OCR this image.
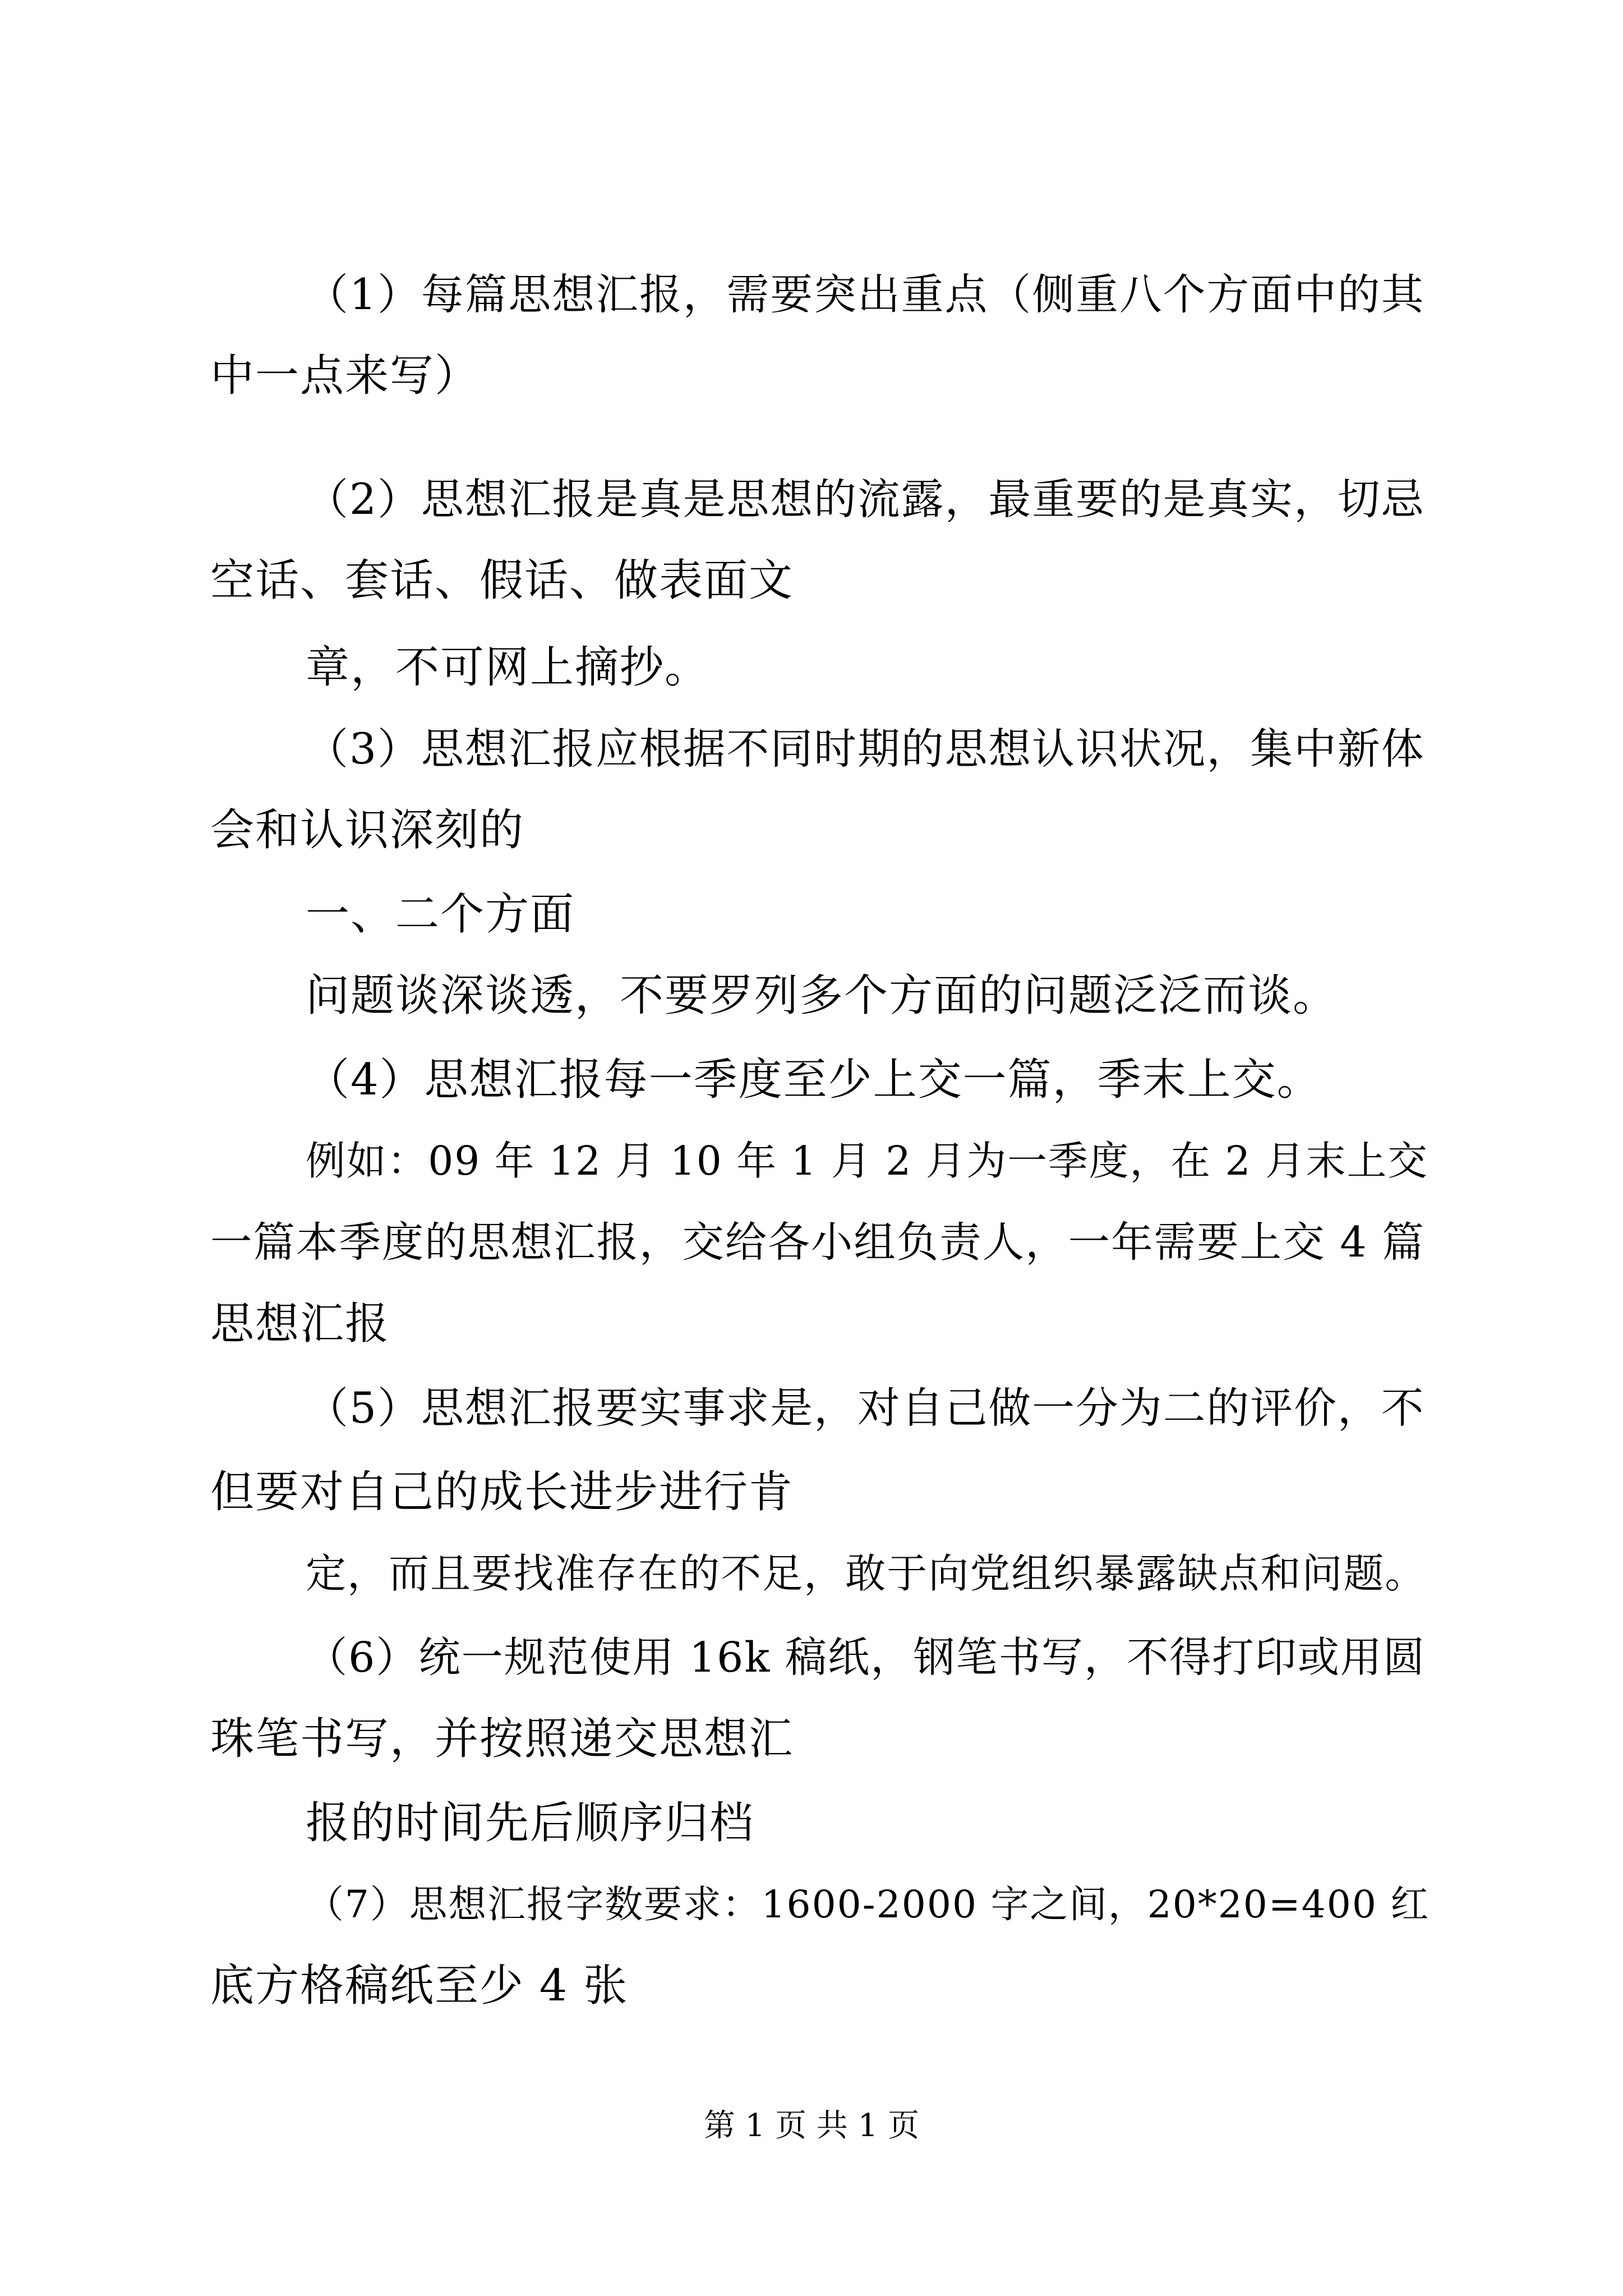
（1）每篇思想汇报，需要突出重点（侧重八个方面中的其
中一点来写）
（2）思想汇报是真是思想的流露，最重要的是真实，切忌
空话、套话、假话、做表面文
章，不可网上摘抄。
（3）思想汇报应根据不同时期的思想认识状况，集中新体
会和认识深刻的
一、二个方面
问题谈深谈透，不要罗列多个方面的问题泛泛而谈。
（4）思想汇报每一季度至少上交一篇，季末上交。
例如：09 年 12 月 10 年 1 月 2 月为一季度，在 2 月末上交
一篇本季度的思想汇报，交给各小组负责人，一年需要上交 4 篇
思想汇报
（5）思想汇报要实事求是，对自己做一分为二的评价，不
但要对自己的成长进步进行肯
定，而且要找准存在的不足，敢于向党组织暴露缺点和问题。
（6）统一规范使用 16k 稿纸，钢笔书写，不得打印或用圆
珠笔书写，并按照递交思想汇
报的时间先后顺序归档
（7）思想汇报字数要求：1600-2000 字之间，20*20=400 红
底方格稿纸至少 4 张
第 1 页 共 1 页
